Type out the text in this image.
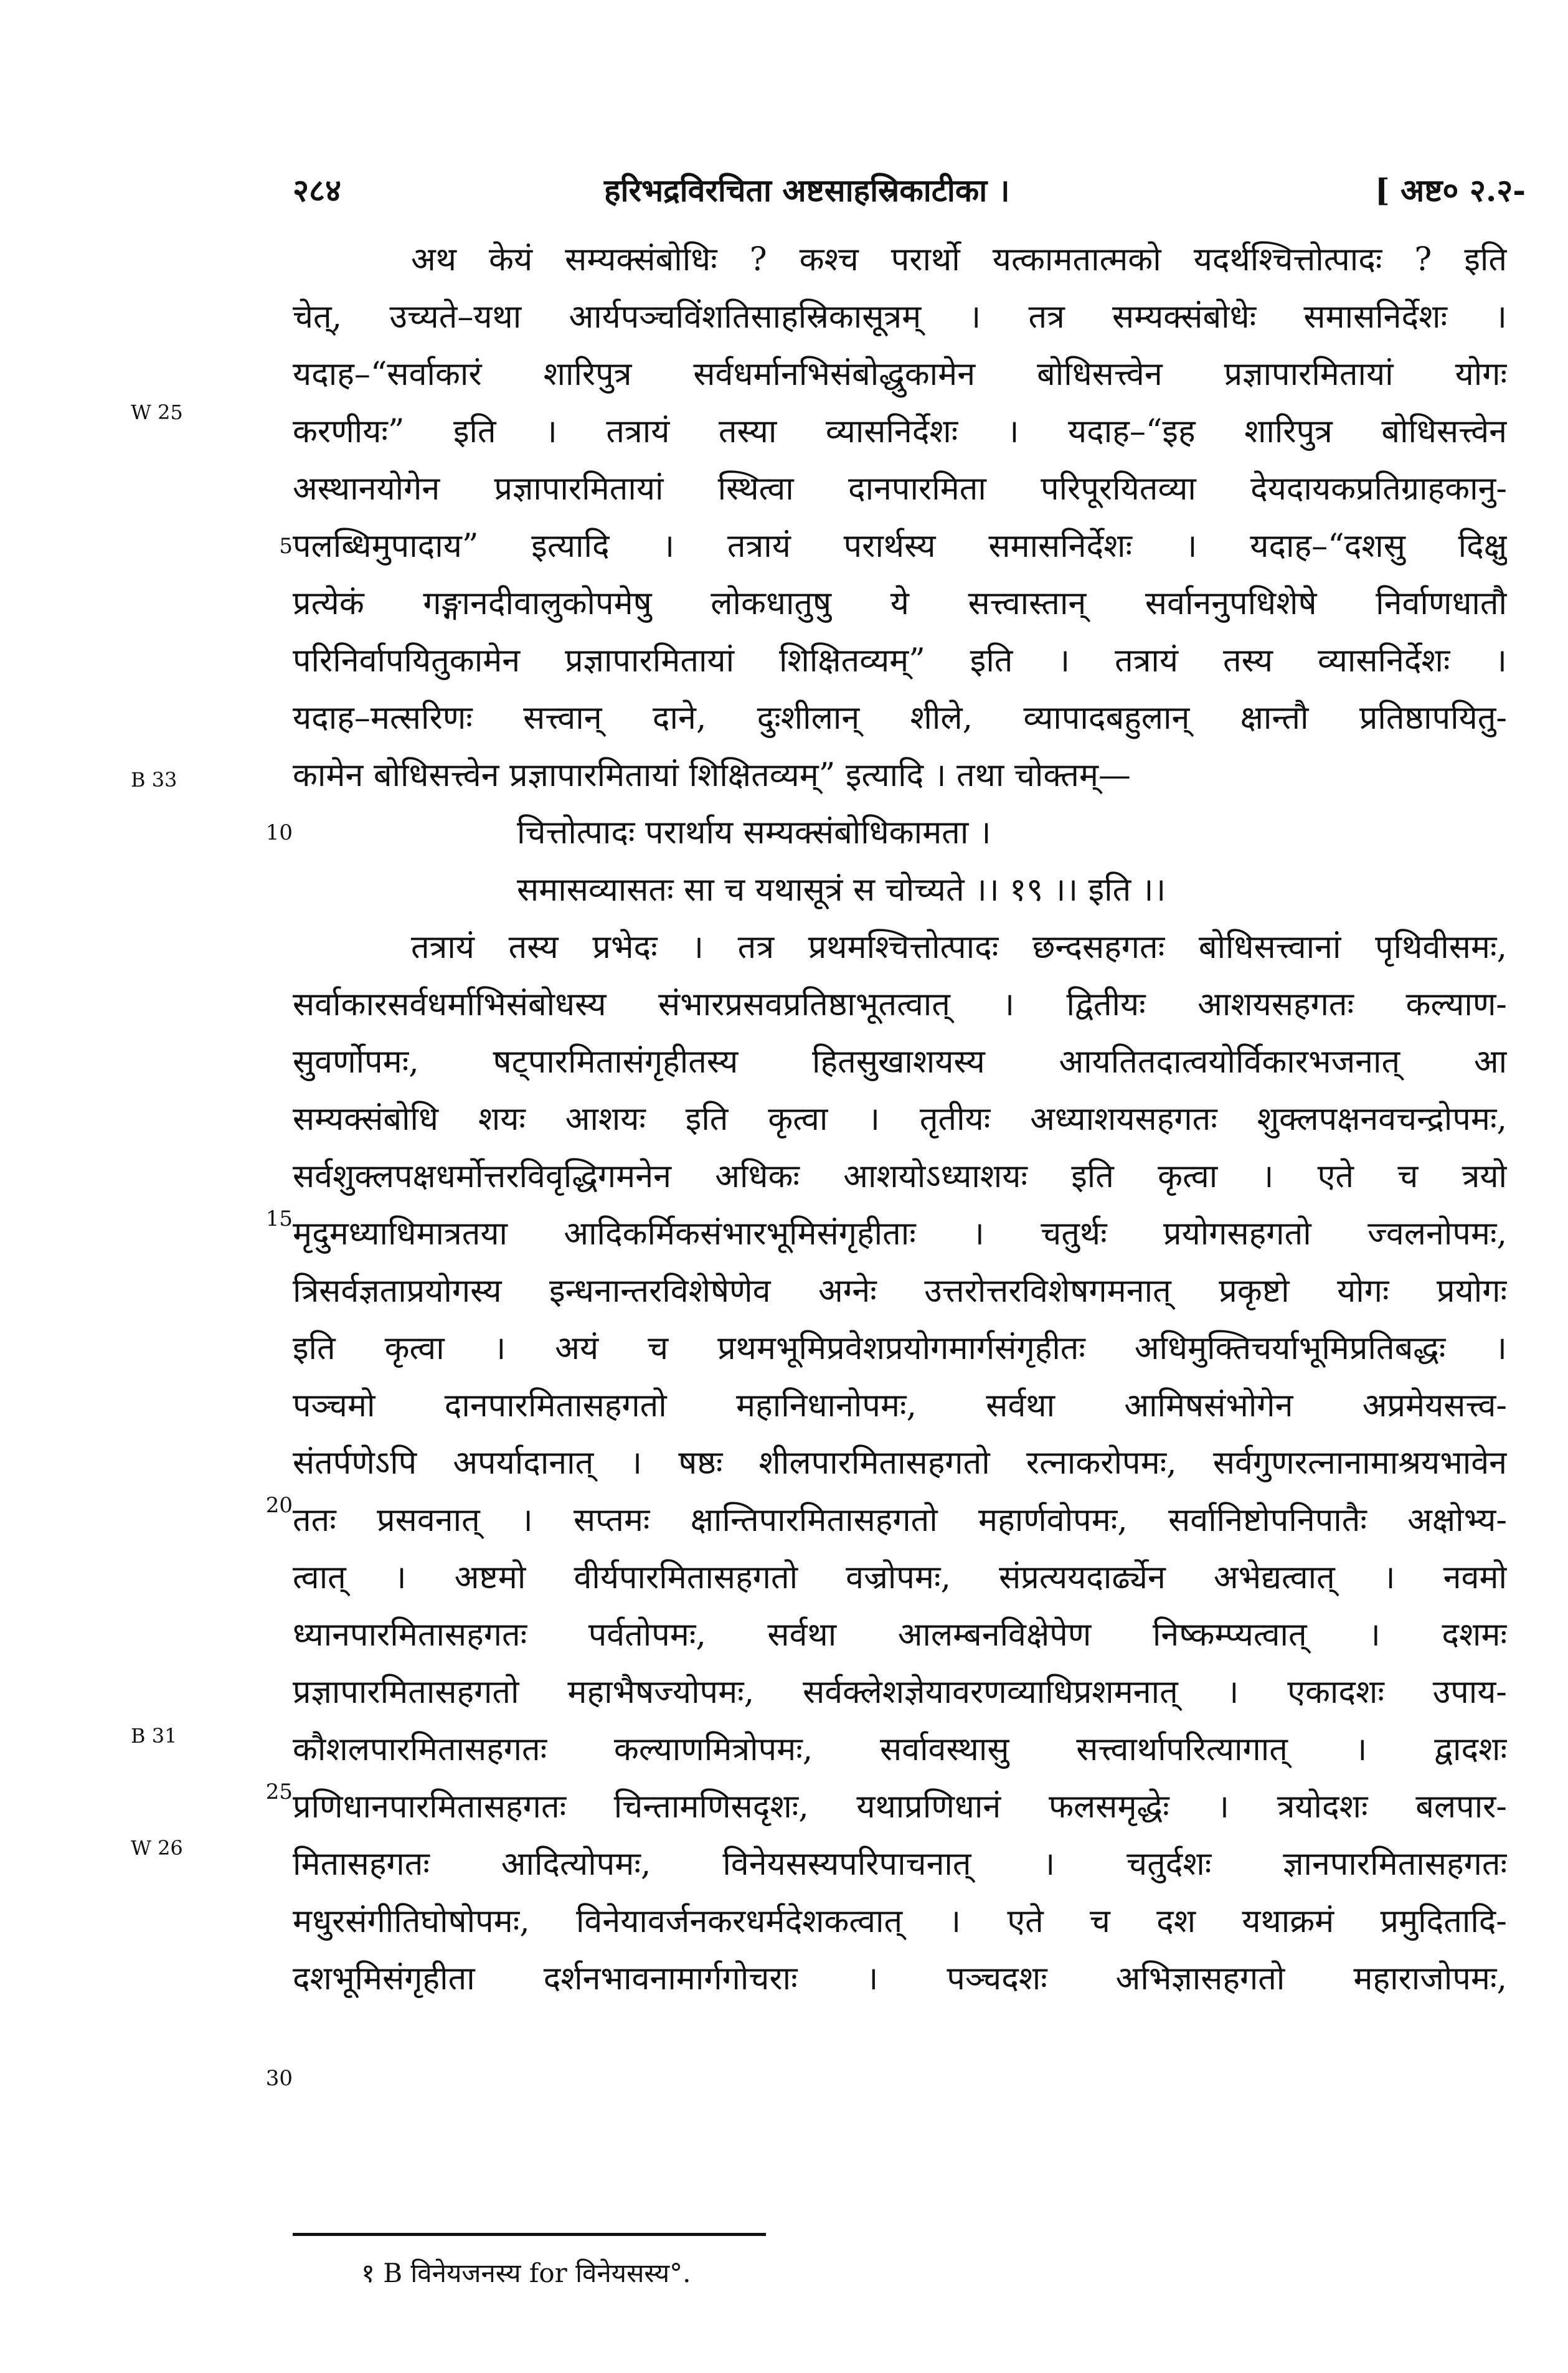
२८४	हरिभद्रविरचिता अष्टसाहस्रिकाटीका ।	[ अष्ट० २.२-
W 25
B 33
B 31
W 26
5
10
15
20
25
30
अथ केयं सम्यक्संबोधिः ? कश्च परार्थो यत्कामतात्मको यदर्थश्चित्तोत्पादः ? इति
चेत्, उच्यते–यथा आर्यपञ्चविंशतिसाहस्रिकासूत्रम् । तत्र सम्यक्संबोधेः समासनिर्देशः ।
यदाह–“सर्वाकारं शारिपुत्र सर्वधर्मानभिसंबोद्धुकामेन बोधिसत्त्वेन प्रज्ञापारमितायां योगः
करणीयः” इति । तत्रायं तस्या व्यासनिर्देशः । यदाह–“इह शारिपुत्र बोधिसत्त्वेन
अस्थानयोगेन प्रज्ञापारमितायां स्थित्वा दानपारमिता परिपूरयितव्या देयदायकप्रतिग्राहकानु-
पलब्धिमुपादाय” इत्यादि । तत्रायं परार्थस्य समासनिर्देशः । यदाह–“दशसु दिक्षु
प्रत्येकं गङ्गानदीवालुकोपमेषु लोकधातुषु ये सत्त्वास्तान् सर्वाननुपधिशेषे निर्वाणधातौ
परिनिर्वापयितुकामेन प्रज्ञापारमितायां शिक्षितव्यम्” इति । तत्रायं तस्य व्यासनिर्देशः ।
यदाह–मत्सरिणः सत्त्वान् दाने, दुःशीलान् शीले, व्यापादबहुलान् क्षान्तौ प्रतिष्ठापयितु-
कामेन बोधिसत्त्वेन प्रज्ञापारमितायां शिक्षितव्यम्” इत्यादि । तथा चोक्तम्—
चित्तोत्पादः परार्थाय सम्यक्संबोधिकामता ।
समासव्यासतः सा च यथासूत्रं स चोच्यते ।। १९ ।। इति ।।
तत्रायं तस्य प्रभेदः । तत्र प्रथमश्चित्तोत्पादः छन्दसहगतः बोधिसत्त्वानां पृथिवीसमः,
सर्वाकारसर्वधर्माभिसंबोधस्य संभारप्रसवप्रतिष्ठाभूतत्वात् । द्वितीयः आशयसहगतः कल्याण-
सुवर्णोपमः, षट्पारमितासंगृहीतस्य हितसुखाशयस्य आयतितदात्वयोर्विकारभजनात् आ
सम्यक्संबोधि शयः आशयः इति कृत्वा । तृतीयः अध्याशयसहगतः शुक्लपक्षनवचन्द्रोपमः,
सर्वशुक्लपक्षधर्मोत्तरविवृद्धिगमनेन अधिकः आशयोऽध्याशयः इति कृत्वा । एते च त्रयो
मृदुमध्याधिमात्रतया आदिकर्मिकसंभारभूमिसंगृहीताः । चतुर्थः प्रयोगसहगतो ज्वलनोपमः,
त्रिसर्वज्ञताप्रयोगस्य इन्धनान्तरविशेषेणेव अग्नेः उत्तरोत्तरविशेषगमनात् प्रकृष्टो योगः प्रयोगः
इति कृत्वा । अयं च प्रथमभूमिप्रवेशप्रयोगमार्गसंगृहीतः अधिमुक्तिचर्याभूमिप्रतिबद्धः ।
पञ्चमो दानपारमितासहगतो महानिधानोपमः, सर्वथा आमिषसंभोगेन अप्रमेयसत्त्व-
संतर्पणेऽपि अपर्यादानात् । षष्ठः शीलपारमितासहगतो रत्नाकरोपमः, सर्वगुणरत्नानामाश्रयभावेन
ततः प्रसवनात् । सप्तमः क्षान्तिपारमितासहगतो महार्णवोपमः, सर्वानिष्टोपनिपातैः अक्षोभ्य-
त्वात् । अष्टमो वीर्यपारमितासहगतो वज्रोपमः, संप्रत्ययदार्ढ्येन अभेद्यत्वात् । नवमो
ध्यानपारमितासहगतः पर्वतोपमः, सर्वथा आलम्बनविक्षेपेण निष्कम्प्यत्वात् । दशमः
प्रज्ञापारमितासहगतो महाभैषज्योपमः, सर्वक्लेशज्ञेयावरणव्याधिप्रशमनात् । एकादशः उपाय-
कौशलपारमितासहगतः कल्याणमित्रोपमः, सर्वावस्थासु सत्त्वार्थापरित्यागात् । द्वादशः
प्रणिधानपारमितासहगतः चिन्तामणिसदृशः, यथाप्रणिधानं फलसमृद्धेः । त्रयोदशः बलपार-
मितासहगतः आदित्योपमः, विनेयसस्यपरिपाचनात् । चतुर्दशः ज्ञानपारमितासहगतः
मधुरसंगीतिघोषोपमः, विनेयावर्जनकरधर्मदेशकत्वात् । एते च दश यथाक्रमं प्रमुदितादि-
दशभूमिसंगृहीता दर्शनभावनामार्गगोचराः । पञ्चदशः अभिज्ञासहगतो महाराजोपमः,
१ B विनेयजनस्य for विनेयसस्य°.
